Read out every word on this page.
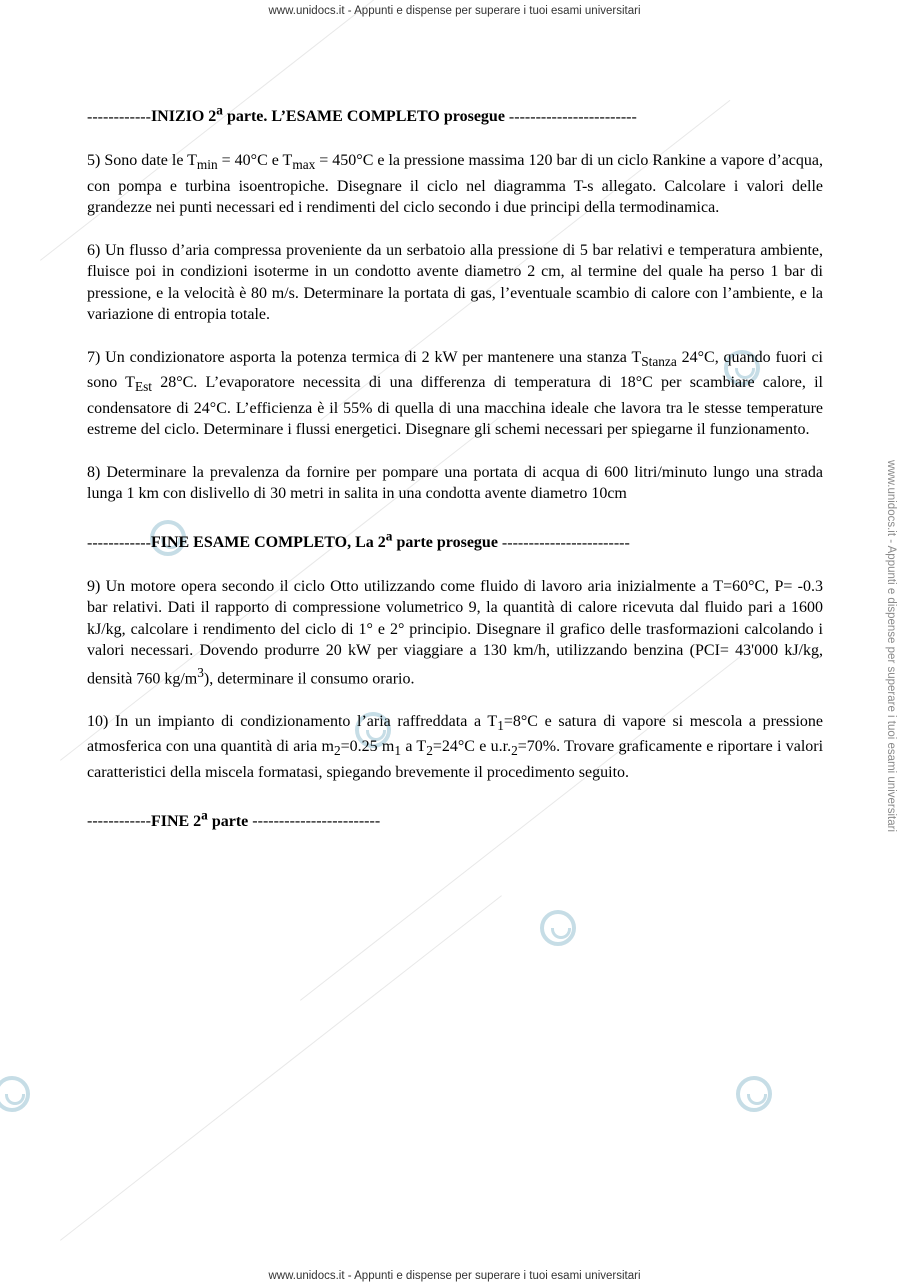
www.unidocs.it - Appunti e dispense per superare i tuoi esami universitari
www.unidocs.it - Appunti e dispense per superare i tuoi esami universitari
www.unidocs.it - Appunti e dispense per superare i tuoi esami universitari

------------INIZIO 2$^a$ parte. L’ESAME COMPLETO prosegue ------------------------

5) Sono date le $T_{min} = 40^\circ C$ e $T_{max} = 450^\circ C$ e la pressione massima 120 bar di un ciclo Rankine a vapore d’acqua, con pompa e turbina isoentropiche. Disegnare il ciclo nel diagramma T-s allegato. Calcolare i valori delle grandezze nei punti necessari ed i rendimenti del ciclo secondo i due principi della termodinamica.

6) Un flusso d’aria compressa proveniente da un serbatoio alla pressione di 5 bar relativi e temperatura ambiente, fluisce poi in condizioni isoterme in un condotto avente diametro 2 cm, al termine del quale ha perso 1 bar di pressione, e la velocità è 80 m/s. Determinare la portata di gas, l’eventuale scambio di calore con l’ambiente, e la variazione di entropia totale.

7) Un condizionatore asporta la potenza termica di 2 kW per mantenere una stanza $T_{Stanza}$ 24°C, quando fuori ci sono $T_{Est}$ 28°C. L’evaporatore necessita di una differenza di temperatura di 18°C per scambiare calore, il condensatore di 24°C. L’efficienza è il 55% di quella di una macchina ideale che lavora tra le stesse temperature estreme del ciclo. Determinare i flussi energetici. Disegnare gli schemi necessari per spiegarne il funzionamento.

8) Determinare la prevalenza da fornire per pompare una portata di acqua di 600 litri/minuto lungo una strada lunga 1 km con dislivello di 30 metri in salita in una condotta avente diametro 10cm

------------FINE ESAME COMPLETO, La 2$^a$ parte prosegue ------------------------

9) Un motore opera secondo il ciclo Otto utilizzando come fluido di lavoro aria inizialmente a T=60°C, P= -0.3 bar relativi. Dati il rapporto di compressione volumetrico 9, la quantità di calore ricevuta dal fluido pari a 1600 kJ/kg, calcolare i rendimento del ciclo di 1° e 2° principio. Disegnare il grafico delle trasformazioni calcolando i valori necessari. Dovendo produrre 20 kW per viaggiare a 130 km/h, utilizzando benzina (PCI= 43'000 kJ/kg, densità 760 $kg/m^3$), determinare il consumo orario.

10) In un impianto di condizionamento l’aria raffreddata a $T_1=8^\circ C$ e satura di vapore si mescola a pressione atmosferica con una quantità di aria $m_2=0.25$ $m_1$ a $T_2=24^\circ C$ e $u.r._2=70\%$. Trovare graficamente e riportare i valori caratteristici della miscela formatasi, spiegando brevemente il procedimento seguito.

------------FINE 2$^a$ parte ------------------------
